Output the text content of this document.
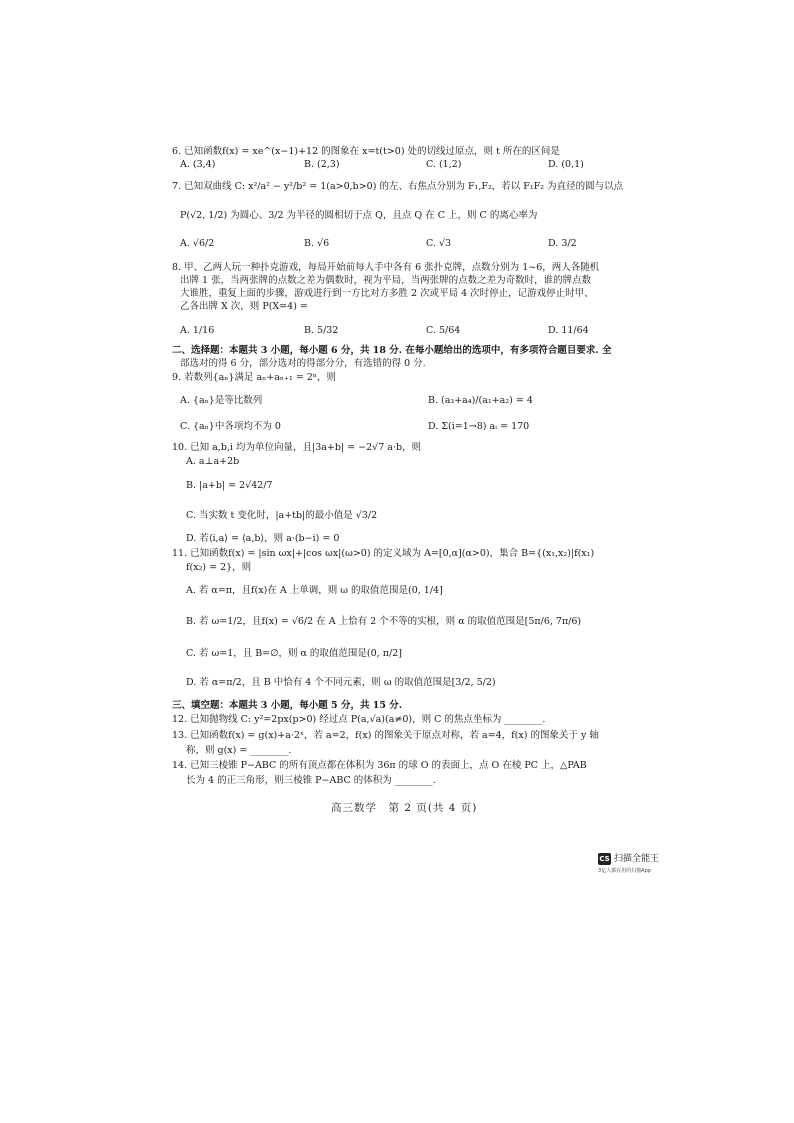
6. 已知函数f(x) = xe^(x−1)+12 的图象在 x=t(t>0) 处的切线过原点，则 t 所在的区间是
A. (3,4)	B. (2,3)	C. (1,2)	D. (0,1)
7. 已知双曲线 C: x²/a² − y²/b² = 1(a>0,b>0) 的左、右焦点分别为 F₁,F₂，若以 F₁F₂ 为直径的圆与以点
P(√2, 1/2) 为圆心、3/2 为半径的圆相切于点 Q，且点 Q 在 C 上，则 C 的离心率为
A. √6/2	B. √6	C. √3	D. 3/2
8. 甲、乙两人玩一种扑克游戏，每局开始前每人手中各有 6 张扑克牌，点数分别为 1~6，两人各随机
出牌 1 张，当两张牌的点数之差为偶数时，视为平局，当两张牌的点数之差为奇数时，谁的牌点数
大谁胜，重复上面的步骤，游戏进行到一方比对方多胜 2 次或平局 4 次时停止，记游戏停止时甲、
乙各出牌 X 次，则 P(X=4) =
A. 1/16	B. 5/32	C. 5/64	D. 11/64
二、选择题：本题共 3 小题，每小题 6 分，共 18 分. 在每小题给出的选项中，有多项符合题目要求. 全
部选对的得 6 分，部分选对的得部分分，有选错的得 0 分.
9. 若数列{aₙ}满足 aₙ+aₙ₊₁ = 2ⁿ，则
A. {aₙ}是等比数列	B. (a₃+a₄)/(a₁+a₂) = 4
C. {aₙ}中各项均不为 0	D. Σ(i=1→8) aᵢ = 170
10. 已知 a,b,i 均为单位向量，且|3a+b| = −2√7 a·b，则
A. a⊥a+2b
B. |a+b| = 2√42/7
C. 当实数 t 变化时，|a+tb|的最小值是 √3/2
D. 若⟨i,a⟩ = ⟨a,b⟩，则 a·(b−i) = 0
11. 已知函数f(x) = |sin ωx|+|cos ωx|(ω>0) 的定义域为 A=[0,α](α>0)，集合 B={(x₁,x₂)|f(x₁)
f(x₂) = 2}，则
A. 若 α=π，且f(x)在 A 上单调，则 ω 的取值范围是(0, 1/4]
B. 若 ω=1/2，且f(x) = √6/2 在 A 上恰有 2 个不等的实根，则 α 的取值范围是[5π/6, 7π/6)
C. 若 ω=1，且 B=∅，则 α 的取值范围是(0, π/2]
D. 若 α=π/2，且 B 中恰有 4 个不同元素，则 ω 的取值范围是[3/2, 5/2)
三、填空题：本题共 3 小题，每小题 5 分，共 15 分.
12. 已知抛物线 C: y²=2px(p>0) 经过点 P(a,√a)(a≠0)，则 C 的焦点坐标为 ________.
13. 已知函数f(x) = g(x)+a·2ˣ，若 a=2，f(x) 的图象关于原点对称，若 a=4，f(x) 的图象关于 y 轴
称，则 g(x) = ________.
14. 已知三棱锥 P−ABC 的所有顶点都在体积为 36π 的球 O 的表面上，点 O 在棱 PC 上，△PAB
长为 4 的正三角形，则三棱锥 P−ABC 的体积为 ________.
高三数学　第 2 页(共 4 页)
CS 扫描全能王
3亿人都在用的扫描App
